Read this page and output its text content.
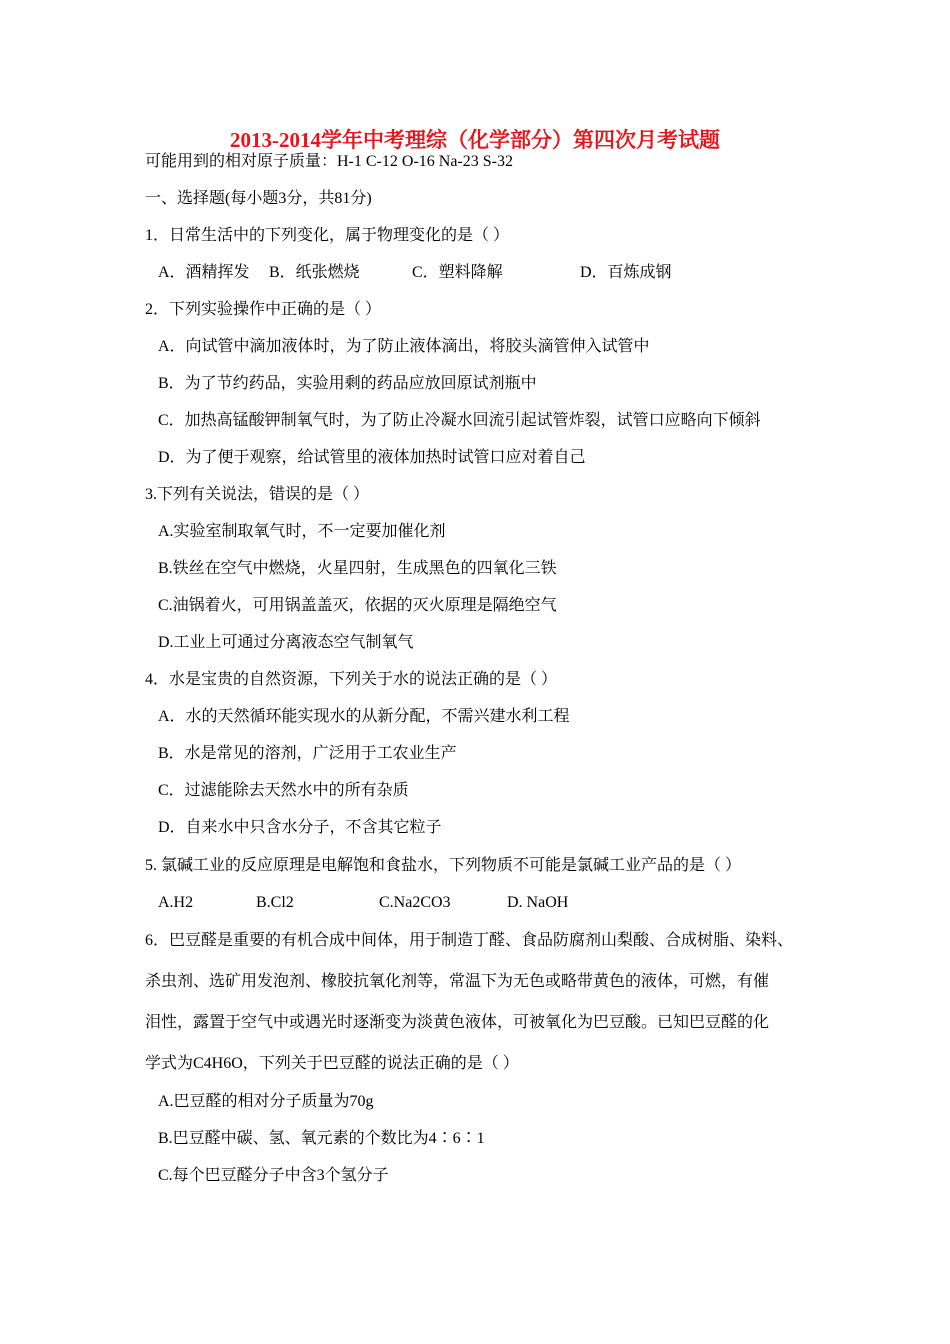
2013-2014学年中考理综（化学部分）第四次月考试题
可能用到的相对原子质量：H-1 C-12 O-16 Na-23 S-32
一、选择题(每小题3分，共81分)
1．日常生活中的下列变化，属于物理变化的是（ ）
A．酒精挥发 B．纸张燃烧	C．塑料降解	D．百炼成钢
2．下列实验操作中正确的是（ ）
A．向试管中滴加液体时，为了防止液体滴出，将胶头滴管伸入试管中
B．为了节约药品，实验用剩的药品应放回原试剂瓶中
C．加热高锰酸钾制氧气时，为了防止冷凝水回流引起试管炸裂，试管口应略向下倾斜
D．为了便于观察，给试管里的液体加热时试管口应对着自己
3.下列有关说法，错误的是（ ）
A.实验室制取氧气时，不一定要加催化剂
B.铁丝在空气中燃烧，火星四射，生成黑色的四氧化三铁
C.油锅着火，可用锅盖盖灭，依据的灭火原理是隔绝空气
D.工业上可通过分离液态空气制氧气
4．水是宝贵的自然资源，下列关于水的说法正确的是（ ）
A．水的天然循环能实现水的从新分配，不需兴建水利工程
B．水是常见的溶剂，广泛用于工农业生产
C．过滤能除去天然水中的所有杂质
D．自来水中只含水分子，不含其它粒子
5. 氯碱工业的反应原理是电解饱和食盐水，下列物质不可能是氯碱工业产品的是（ ）
A.H2	B.Cl2	C.Na2CO3	D. NaOH
6．巴豆醛是重要的有机合成中间体，用于制造丁醛、食品防腐剂山梨酸、合成树脂、染料、
杀虫剂、选矿用发泡剂、橡胶抗氧化剂等，常温下为无色或略带黄色的液体，可燃，有催
泪性，露置于空气中或遇光时逐渐变为淡黄色液体，可被氧化为巴豆酸。已知巴豆醛的化
学式为C4H6O，下列关于巴豆醛的说法正确的是（ ）
A.巴豆醛的相对分子质量为70g
B.巴豆醛中碳、氢、氧元素的个数比为4∶6∶1
C.每个巴豆醛分子中含3个氢分子
